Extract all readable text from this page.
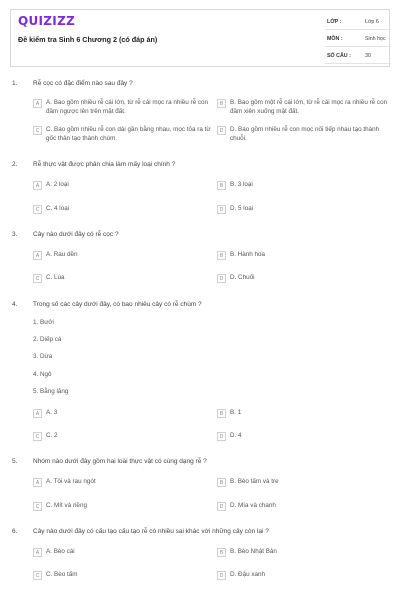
QUIZIZZ
Đề kiểm tra Sinh 6 Chương 2 (có đáp án)
LỚP :	Lớp 6
MÔN :	Sinh học
SỐ CÂU :	30
1. Rễ cọc có đặc điểm nào sau đây ?
A	A. Bao gồm nhiều rễ cái lớn, từ rễ cái mọc ra nhiều rễ con đâm ngược lên trên mặt đất.
B	B. Bao gồm một rễ cái lớn, từ rễ cái mọc ra nhiều rễ con đâm xiên xuống mặt đất.
C	C. Bao gồm nhiều rễ con dài gần bằng nhau, mọc tỏa ra từ gốc thân tạo thành chùm.
D	D. Bao gồm nhiều rễ con mọc nối tiếp nhau tạo thành chuỗi.
2. Rễ thực vật được phân chia làm mấy loại chính ?
A	A. 2 loại	B	B. 3 loại
C	C. 4 loại	D	D. 5 loại
3. Cây nào dưới đây có rễ cọc ?
A	A. Rau dền	B	B. Hành hoa
C	C. Lúa	D	D. Chuối
4. Trong số các cây dưới đây, có bao nhiêu cây có rễ chùm ?
1. Bưởi
2. Diếp cá
3. Dừa
4. Ngô
5. Bằng lăng
A	A. 3	B	B. 1
C	C. 2	D	D. 4
5. Nhóm nào dưới đây gồm hai loài thực vật có cùng dạng rễ ?
A	A. Tỏi và rau ngót	B	B. Bèo tấm và tre
C	C. Mít và riềng	D	D. Mía và chanh
6. Cây nào dưới đây có cấu tạo cấu tạo rễ có nhiều sai khác với những cây còn lại ?
A	A. Bèo cái	B	B. Bèo Nhật Bản
C	C. Bèo tấm	D	D. Đậu xanh
